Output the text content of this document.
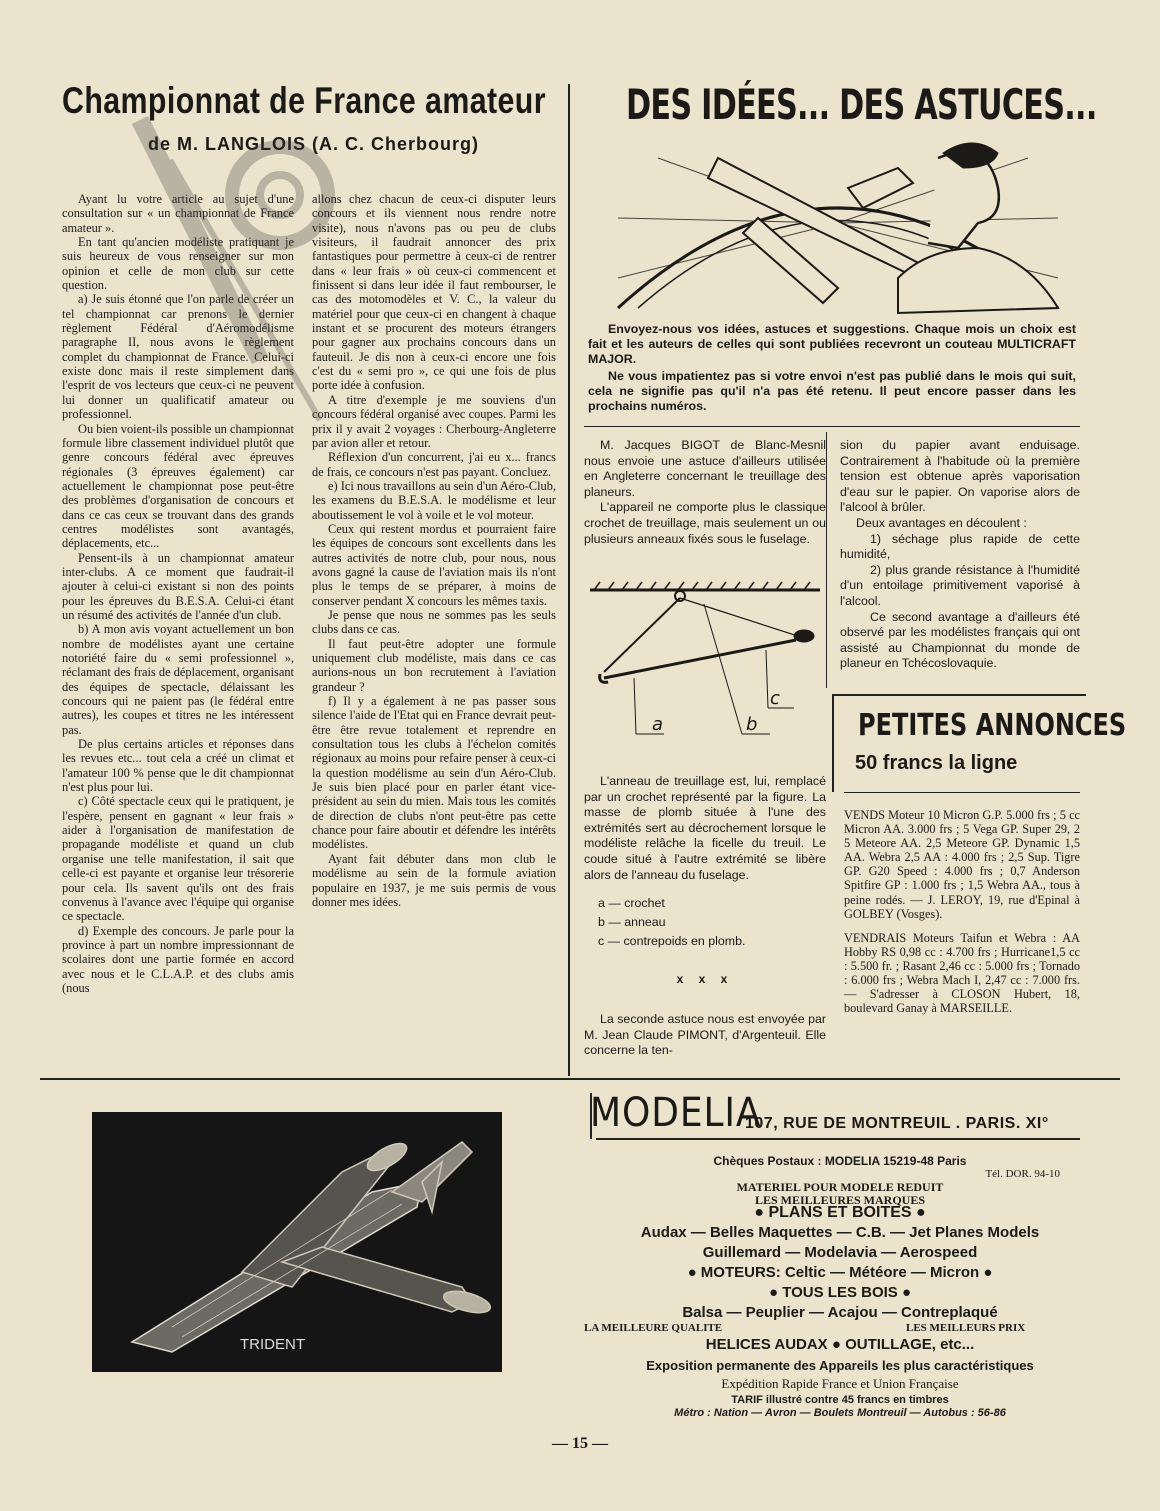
Championnat de France amateur
de M. LANGLOIS (A. C. Cherbourg)

Ayant lu votre article au sujet d'une consultation sur « un championnat de France amateur ».

En tant qu'ancien modéliste pratiquant je suis heureux de vous renseigner sur mon opinion et celle de mon club sur cette question.

a) Je suis étonné que l'on parle de créer un tel championnat car prenons le dernier règlement Fédéral d'Aéromodélisme paragraphe II, nous avons le règlement complet du championnat de France. Celui-ci existe donc mais il reste simplement dans l'esprit de vos lecteurs que ceux-ci ne peuvent lui donner un qualificatif amateur ou professionnel.

Ou bien voient-ils possible un championnat formule libre classement individuel plutôt que genre concours fédéral avec épreuves régionales (3 épreuves également) car actuellement le championnat pose peut-être des problèmes d'organisation de concours et dans ce cas ceux se trouvant dans des grands centres modélistes sont avantagés, déplacements, etc...

Pensent-ils à un championnat amateur inter-clubs. A ce moment que faudrait-il ajouter à celui-ci existant si non des points pour les épreuves du B.E.S.A. Celui-ci étant un résumé des activités de l'année d'un club.

b) A mon avis voyant actuellement un bon nombre de modélistes ayant une certaine notoriété faire du « semi professionnel », réclamant des frais de déplacement, organisant des équipes de spectacle, délaissant les concours qui ne paient pas (le fédéral entre autres), les coupes et titres ne les intéressent pas.

De plus certains articles et réponses dans les revues etc... tout cela a créé un climat et l'amateur 100 % pense que le dit championnat n'est plus pour lui.

c) Côté spectacle ceux qui le pratiquent, je l'espère, pensent en gagnant « leur frais » aider à l'organisation de manifestation de propagande modéliste et quand un club organise une telle manifestation, il sait que celle-ci est payante et organise leur trésorerie pour cela. Ils savent qu'ils ont des frais convenus à l'avance avec l'équipe qui organise ce spectacle.

d) Exemple des concours. Je parle pour la province à part un nombre impressionnant de scolaires dont une partie formée en accord avec nous et le C.L.A.P. et des clubs amis (nous

allons chez chacun de ceux-ci disputer leurs concours et ils viennent nous rendre notre visite), nous n'avons pas ou peu de clubs visiteurs, il faudrait annoncer des prix fantastiques pour permettre à ceux-ci de rentrer dans « leur frais » où ceux-ci commencent et finissent si dans leur idée il faut rembourser, le cas des motomodèles et V. C., la valeur du matériel pour que ceux-ci en changent à chaque instant et se procurent des moteurs étrangers pour gagner aux prochains concours dans un fauteuil. Je dis non à ceux-ci encore une fois c'est du « semi pro », ce qui une fois de plus porte idée à confusion.

A titre d'exemple je me souviens d'un concours fédéral organisé avec coupes. Parmi les prix il y avait 2 voyages : Cherbourg-Angleterre par avion aller et retour.

Réflexion d'un concurrent, j'ai eu x... francs de frais, ce concours n'est pas payant. Concluez.

e) Ici nous travaillons au sein d'un Aéro-Club, les examens du B.E.S.A. le modélisme et leur aboutissement le vol à voile et le vol moteur.

Ceux qui restent mordus et pourraient faire les équipes de concours sont excellents dans les autres activités de notre club, pour nous, nous avons gagné la cause de l'aviation mais ils n'ont plus le temps de se préparer, à moins de conserver pendant X concours les mêmes taxis.

Je pense que nous ne sommes pas les seuls clubs dans ce cas.

Il faut peut-être adopter une formule uniquement club modéliste, mais dans ce cas aurions-nous un bon recrutement à l'aviation grandeur ?

f) Il y a également à ne pas passer sous silence l'aide de l'Etat qui en France devrait peut-être être revue totalement et reprendre en consultation tous les clubs à l'échelon comités régionaux au moins pour refaire penser à ceux-ci la question modélisme au sein d'un Aéro-Club. Je suis bien placé pour en parler étant vice-président au sein du mien. Mais tous les comités de direction de clubs n'ont peut-être pas cette chance pour faire aboutir et défendre les intérêts modélistes.

Ayant fait débuter dans mon club le modélisme au sein de la formule aviation populaire en 1937, je me suis permis de vous donner mes idées.

DES IDÉES... DES ASTUCES...

Envoyez-nous vos idées, astuces et suggestions. Chaque mois un choix est fait et les auteurs de celles qui sont publiées recevront un couteau MULTICRAFT MAJOR.

Ne vous impatientez pas si votre envoi n'est pas publié dans le mois qui suit, cela ne signifie pas qu'il n'a pas été retenu. Il peut encore passer dans les prochains numéros.

M. Jacques BIGOT de Blanc-Mesnil nous envoie une astuce d'ailleurs utilisée en Angleterre concernant le treuillage des planeurs.

L'appareil ne comporte plus le classique crochet de treuillage, mais seulement un ou plusieurs anneaux fixés sous le fuselage.

a	b
c

L'anneau de treuillage est, lui, remplacé par un crochet représenté par la figure. La masse de plomb située à l'une des extrémités sert au décrochement lorsque le modéliste relâche la ficelle du treuil. Le coude situé à l'autre extrémité se libère alors de l'anneau du fuselage.

a — crochet
b — anneau
c — contrepoids en plomb.
x x x

La seconde astuce nous est envoyée par M. Jean Claude PIMONT, d'Argenteuil. Elle concerne la ten-

sion du papier avant enduisage. Contrairement à l'habitude où la première tension est obtenue après vaporisation d'eau sur le papier. On vaporise alors de l'alcool à brûler.

Deux avantages en découlent :

1) séchage plus rapide de cette humidité,

2) plus grande résistance à l'humidité d'un entoilage primitivement vaporisé à l'alcool.

Ce second avantage a d'ailleurs été observé par les modélistes français qui ont assisté au Championnat du monde de planeur en Tchécoslovaquie.

PETITES ANNONCES
50 francs la ligne

VENDS Moteur 10 Micron G.P. 5.000 frs ; 5 cc Micron AA. 3.000 frs ; 5 Vega GP. Super 29, 2 5 Meteore AA. 2,5 Meteore GP. Dynamic 1,5 AA. Webra 2,5 AA : 4.000 frs ; 2,5 Sup. Tigre GP. G20 Speed : 4.000 frs ; 0,7 Anderson Spitfire GP : 1.000 frs ; 1,5 Webra AA., tous à peine rodés. — J. LEROY, 19, rue d'Epinal à GOLBEY (Vosges).

VENDRAIS Moteurs Taifun et Webra : AA Hobby RS 0,98 cc : 4.700 frs ; Hurricane1,5 cc : 5.500 fr. ; Rasant 2,46 cc : 5.000 frs ; Tornado : 6.000 frs ; Webra Mach I, 2,47 cc : 7.000 frs. — S'adresser à CLOSON Hubert, 18, boulevard Ganay à MARSEILLE.

TRIDENT
MODELIA
107, RUE DE MONTREUIL . PARIS. XI°
Chèques Postaux : MODELIA 15219-48 Paris
Tél. DOR. 94-10
MATERIEL POUR MODELE REDUIT
LES MEILLEURES MARQUES
● PLANS ET BOITES ●
Audax — Belles Maquettes — C.B. — Jet Planes Models
Guillemard — Modelavia — Aerospeed
● MOTEURS: Celtic — Météore — Micron ●
● TOUS LES BOIS ●
Balsa — Peuplier — Acajou — Contreplaqué
LA MEILLEURE QUALITE	LES MEILLEURS PRIX
HELICES AUDAX ● OUTILLAGE, etc...
Exposition permanente des Appareils les plus caractéristiques
Expédition Rapide France et Union Française
TARIF illustré contre 45 francs en timbres
Métro : Nation — Avron — Boulets Montreuil — Autobus : 56-86
— 15 —
